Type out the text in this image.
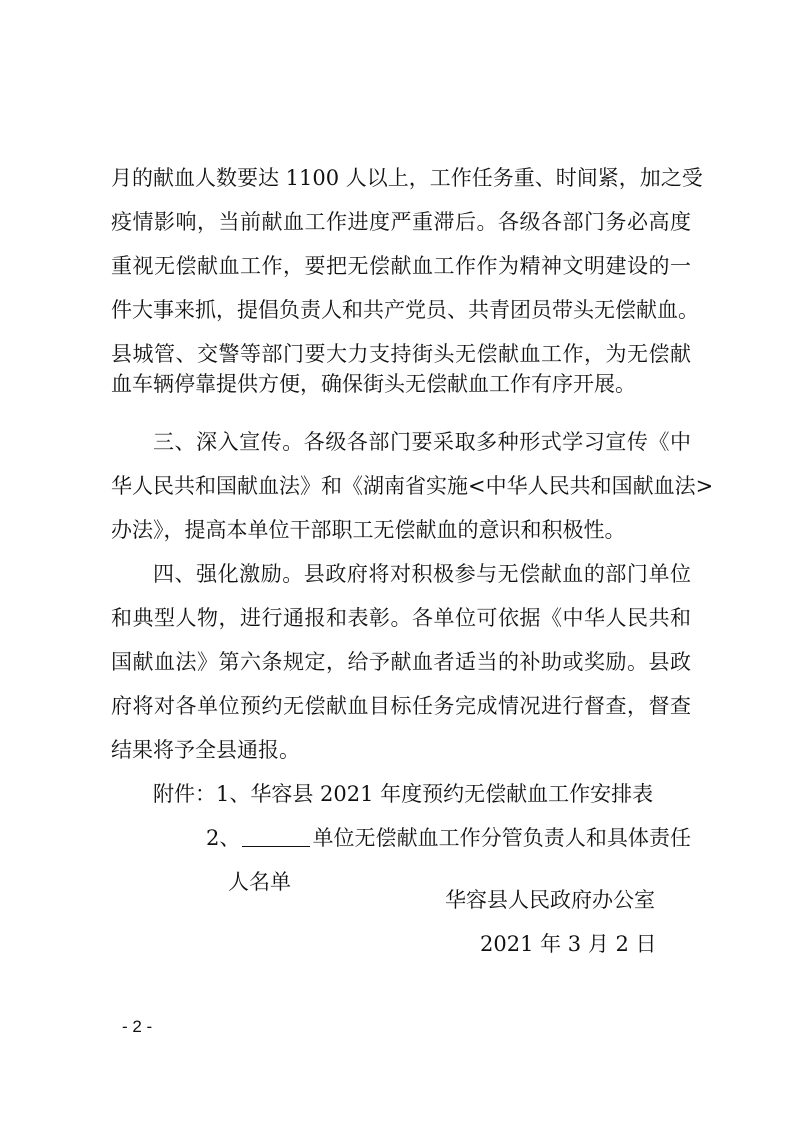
月的献血人数要达 1100 人以上，工作任务重、时间紧，加之受
疫情影响，当前献血工作进度严重滞后。各级各部门务必高度
重视无偿献血工作，要把无偿献血工作作为精神文明建设的一
件大事来抓，提倡负责人和共产党员、共青团员带头无偿献血。
县城管、交警等部门要大力支持街头无偿献血工作，为无偿献
血车辆停靠提供方便，确保街头无偿献血工作有序开展。
三、深入宣传。各级各部门要采取多种形式学习宣传《中
华人民共和国献血法》和《湖南省实施<中华人民共和国献血法>
办法》，提高本单位干部职工无偿献血的意识和积极性。
四、强化激励。县政府将对积极参与无偿献血的部门单位
和典型人物，进行通报和表彰。各单位可依据《中华人民共和
国献血法》第六条规定，给予献血者适当的补助或奖励。县政
府将对各单位预约无偿献血目标任务完成情况进行督查，督查
结果将予全县通报。
附件：1、华容县 2021 年度预约无偿献血工作安排表
2、	单位无偿献血工作分管负责人和具体责任
人名单
华容县人民政府办公室
2021 年 3 月 2 日
- 2 -
